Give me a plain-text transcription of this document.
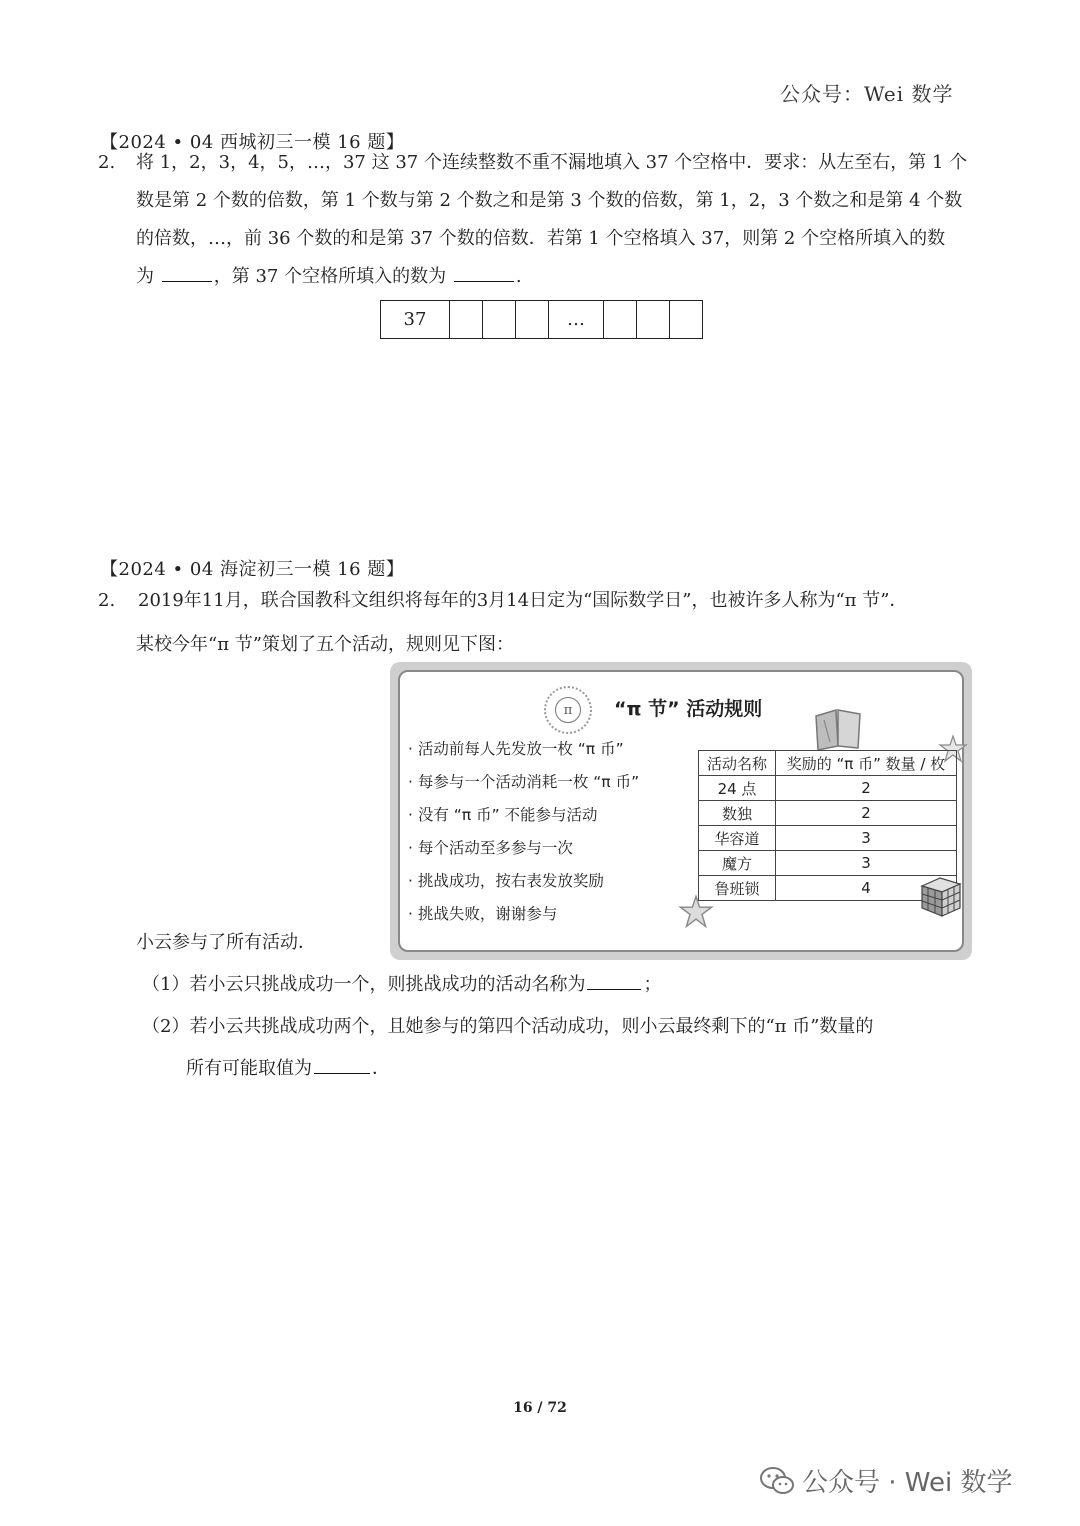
公众号：Wei 数学
【2024 • 04 西城初三一模 16 题】
2. 将 1，2，3，4，5，…，37 这 37 个连续整数不重不漏地填入 37 个空格中．要求：从左至右，第 1 个
数是第 2 个数的倍数，第 1 个数与第 2 个数之和是第 3 个数的倍数，第 1，2，3 个数之和是第 4 个数
的倍数，…，前 36 个数的和是第 37 个数的倍数．若第 1 个空格填入 37，则第 2 个空格所填入的数
为	，第 37 个空格所填入的数为	.
37	…
【2024 • 04 海淀初三一模 16 题】
2. 2019年11月，联合国教科文组织将每年的3月14日定为“国际数学日”，也被许多人称为“π 节”．
某校今年“π 节”策划了五个活动，规则见下图：
π	“π 节” 活动规则
· 活动前每人先发放一枚 “π 币”
· 每参与一个活动消耗一枚 “π 币”
· 没有 “π 币” 不能参与活动
· 每个活动至多参与一次
· 挑战成功，按右表发放奖励
· 挑战失败，谢谢参与
活动名称	奖励的 “π 币” 数量 / 枚
24 点	2
数独	2
华容道	3
魔方	3
鲁班锁	4
小云参与了所有活动．
（1）若小云只挑战成功一个，则挑战成功的活动名称为	；
（2）若小云共挑战成功两个，且她参与的第四个活动成功，则小云最终剩下的“π 币”数量的
所有可能取值为	．
16 / 72
公众号 · Wei 数学
